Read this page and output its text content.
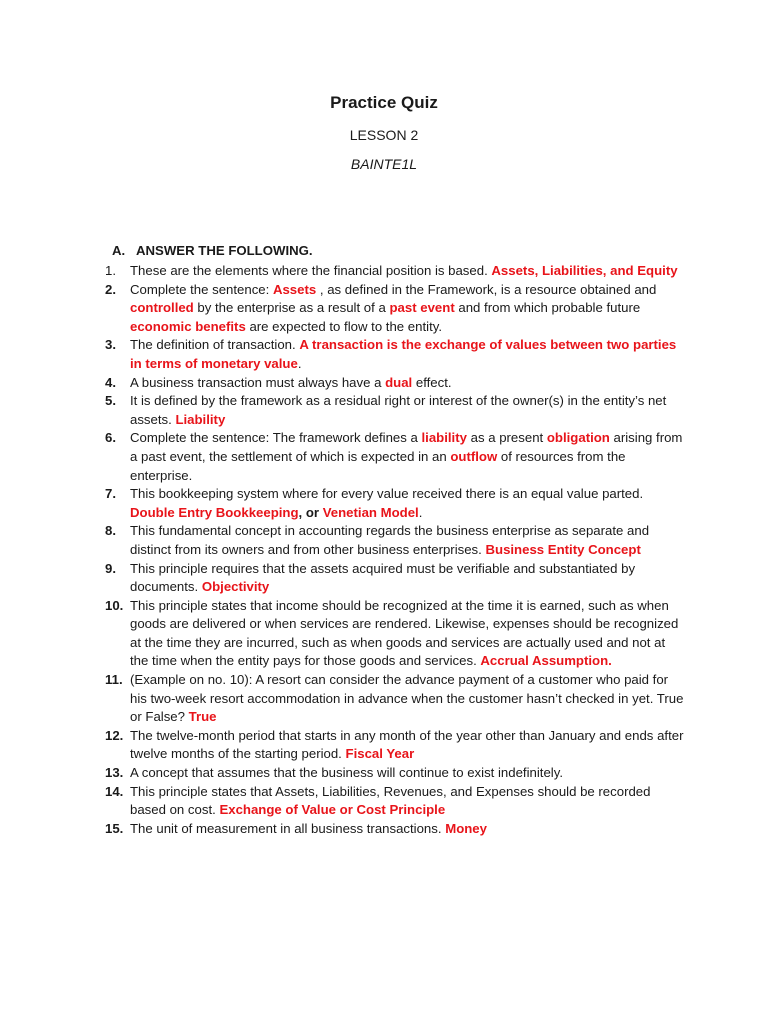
Practice Quiz
LESSON 2
BAINTE1L
A. ANSWER THE FOLLOWING.
1.	These are the elements where the financial position is based. Assets, Liabilities, and Equity
2.	Complete the sentence: Assets , as defined in the Framework, is a resource obtained and controlled by the enterprise as a result of a past event and from which probable future economic benefits are expected to flow to the entity.
3.	The definition of transaction. A transaction is the exchange of values between two parties in terms of monetary value.
4.	A business transaction must always have a dual effect.
5.	It is defined by the framework as a residual right or interest of the owner(s) in the entity’s net assets. Liability
6.	Complete the sentence: The framework defines a liability as a present obligation arising from a past event, the settlement of which is expected in an outflow of resources from the enterprise.
7.	This bookkeeping system where for every value received there is an equal value parted. Double Entry Bookkeeping, or Venetian Model.
8.	This fundamental concept in accounting regards the business enterprise as separate and distinct from its owners and from other business enterprises. Business Entity Concept
9.	This principle requires that the assets acquired must be verifiable and substantiated by documents. Objectivity
10. This principle states that income should be recognized at the time it is earned, such as when goods are delivered or when services are rendered. Likewise, expenses should be recognized at the time they are incurred, such as when goods and services are actually used and not at the time when the entity pays for those goods and services. Accrual Assumption.
11. (Example on no. 10): A resort can consider the advance payment of a customer who paid for his two-week resort accommodation in advance when the customer hasn’t checked in yet. True or False? True
12. The twelve-month period that starts in any month of the year other than January and ends after twelve months of the starting period. Fiscal Year
13. A concept that assumes that the business will continue to exist indefinitely.
14. This principle states that Assets, Liabilities, Revenues, and Expenses should be recorded based on cost. Exchange of Value or Cost Principle
15. The unit of measurement in all business transactions. Money
